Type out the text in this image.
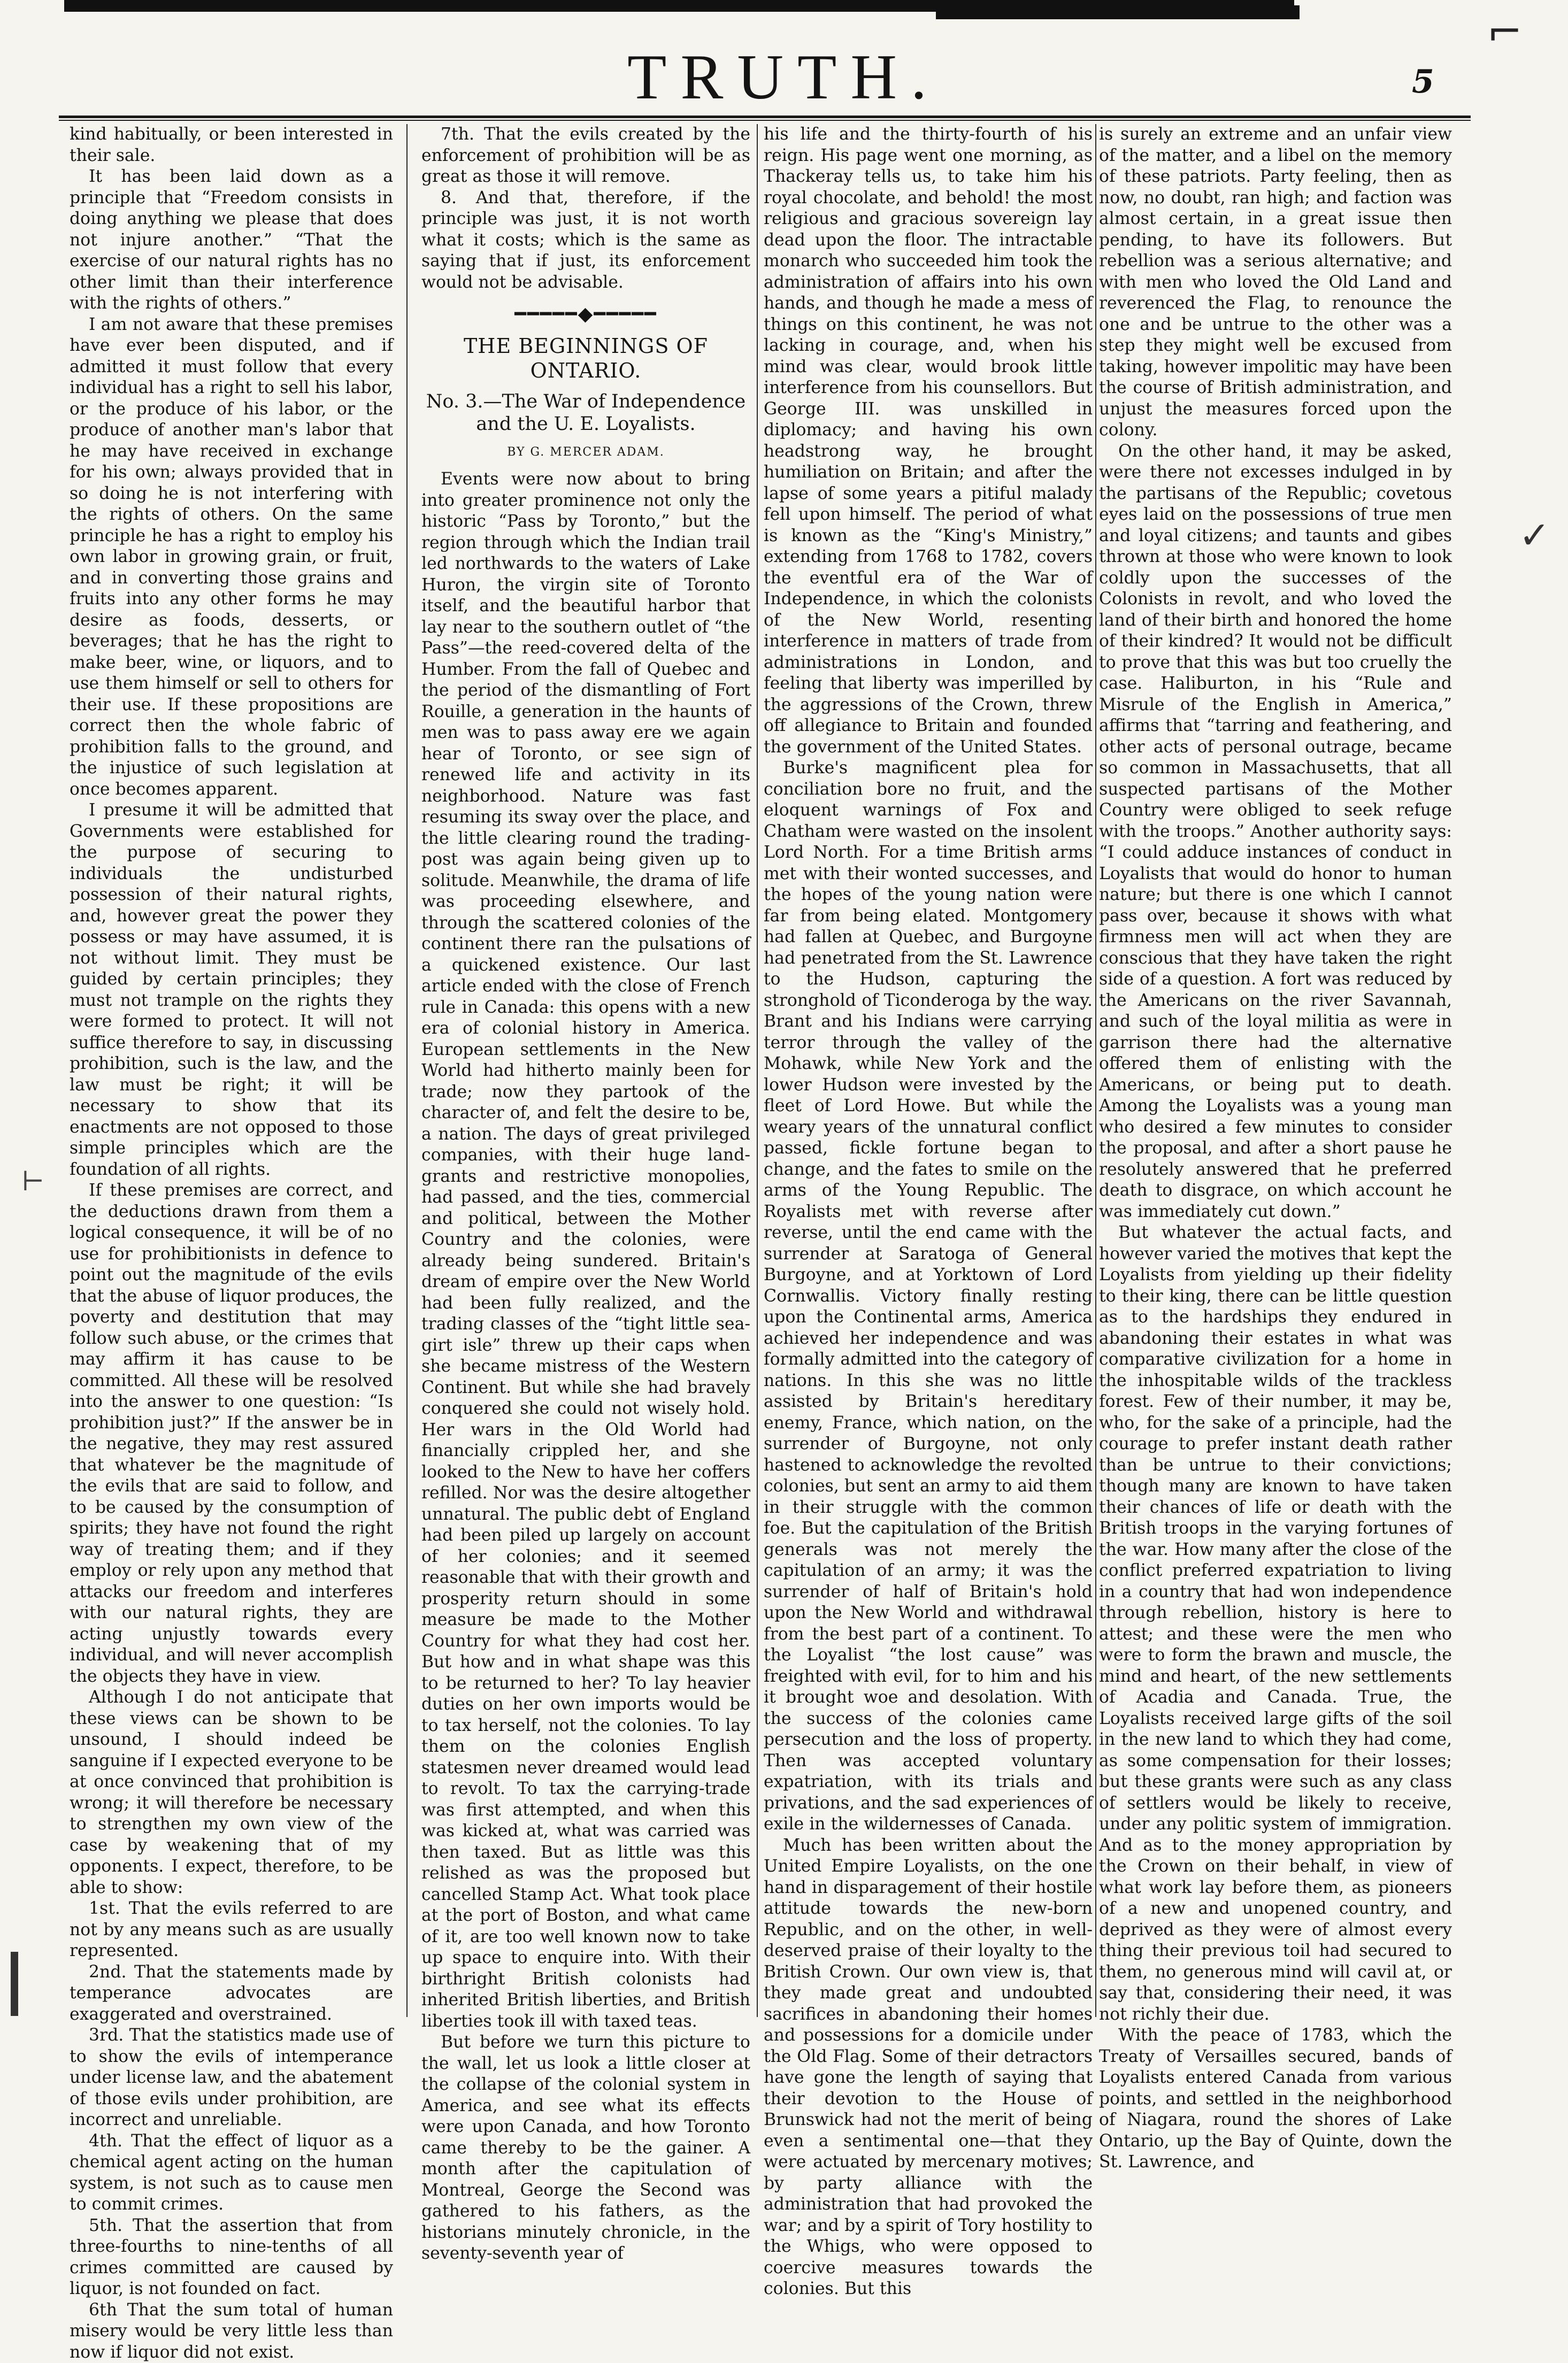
⌐
TRUTH.	5

kind habitually, or been interested in their sale.

It has been laid down as a principle that “Freedom consists in doing anything we please that does not injure another.” “That the exercise of our natural rights has no other limit than their interference with the rights of others.”

I am not aware that these premises have ever been disputed, and if admitted it must follow that every individual has a right to sell his labor, or the produce of his labor, or the produce of another man's labor that he may have received in exchange for his own; always provided that in so doing he is not interfering with the rights of others. On the same principle he has a right to employ his own labor in growing grain, or fruit, and in converting those grains and fruits into any other forms he may desire as foods, desserts, or beverages; that he has the right to make beer, wine, or liquors, and to use them himself or sell to others for their use. If these propositions are correct then the whole fabric of prohibition falls to the ground, and the injustice of such legislation at once becomes apparent.

I presume it will be admitted that Governments were established for the purpose of securing to individuals the undisturbed possession of their natural rights, and, however great the power they possess or may have assumed, it is not without limit. They must be guided by certain principles; they must not trample on the rights they were formed to protect. It will not suffice therefore to say, in discussing prohibition, such is the law, and the law must be right; it will be necessary to show that its enactments are not opposed to those simple principles which are the foundation of all rights.

If these premises are correct, and the deductions drawn from them a logical consequence, it will be of no use for prohibitionists in defence to point out the magnitude of the evils that the abuse of liquor produces, the poverty and destitution that may follow such abuse, or the crimes that may affirm it has cause to be committed. All these will be resolved into the answer to one question: “Is prohibition just?” If the answer be in the negative, they may rest assured that whatever be the magnitude of the evils that are said to follow, and to be caused by the consumption of spirits; they have not found the right way of treating them; and if they employ or rely upon any method that attacks our freedom and interferes with our natural rights, they are acting unjustly towards every individual, and will never accomplish the objects they have in view.

Although I do not anticipate that these views can be shown to be unsound, I should indeed be sanguine if I expected everyone to be at once convinced that prohibition is wrong; it will therefore be necessary to strengthen my own view of the case by weakening that of my opponents. I expect, therefore, to be able to show:

1st. That the evils referred to are not by any means such as are usually represented.

2nd. That the statements made by temperance advocates are exaggerated and overstrained.

3rd. That the statistics made use of to show the evils of intemperance under license law, and the abatement of those evils under prohibition, are incorrect and unreliable.

4th. That the effect of liquor as a chemical agent acting on the human system, is not such as to cause men to commit crimes.

5th. That the assertion that from three-fourths to nine-tenths of all crimes committed are caused by liquor, is not founded on fact.

6th That the sum total of human misery would be very little less than now if liquor did not exist.

7th. That the evils created by the enforcement of prohibition will be as great as those it will remove.

8. And that, therefore, if the principle was just, it is not worth what it costs; which is the same as saying that if just, its enforcement would not be advisable.

━━━━━◆━━━━━
THE BEGINNINGS OF ONTARIO.

No. 3.—The War of Independence and the U. E. Loyalists.

BY G. MERCER ADAM.

Events were now about to bring into greater prominence not only the historic “Pass by Toronto,” but the region through which the Indian trail led northwards to the waters of Lake Huron, the virgin site of Toronto itself, and the beautiful harbor that lay near to the southern outlet of “the Pass”—the reed-covered delta of the Humber. From the fall of Quebec and the period of the dismantling of Fort Rouille, a generation in the haunts of men was to pass away ere we again hear of Toronto, or see sign of renewed life and activity in its neighborhood. Nature was fast resuming its sway over the place, and the little clearing round the trading-post was again being given up to solitude. Meanwhile, the drama of life was proceeding elsewhere, and through the scattered colonies of the continent there ran the pulsations of a quickened existence. Our last article ended with the close of French rule in Canada: this opens with a new era of colonial history in America. European settlements in the New World had hitherto mainly been for trade; now they partook of the character of, and felt the desire to be, a nation. The days of great privileged companies, with their huge land-grants and restrictive monopolies, had passed, and the ties, commercial and political, between the Mother Country and the colonies, were already being sundered. Britain's dream of empire over the New World had been fully realized, and the trading classes of the “tight little sea-girt isle” threw up their caps when she became mistress of the Western Continent. But while she had bravely conquered she could not wisely hold. Her wars in the Old World had financially crippled her, and she looked to the New to have her coffers refilled. Nor was the desire altogether unnatural. The public debt of England had been piled up largely on account of her colonies; and it seemed reasonable that with their growth and prosperity return should in some measure be made to the Mother Country for what they had cost her. But how and in what shape was this to be returned to her? To lay heavier duties on her own imports would be to tax herself, not the colonies. To lay them on the colonies English statesmen never dreamed would lead to revolt. To tax the carrying-trade was first attempted, and when this was kicked at, what was carried was then taxed. But as little was this relished as was the proposed but cancelled Stamp Act. What took place at the port of Boston, and what came of it, are too well known now to take up space to enquire into. With their birthright British colonists had inherited British liberties, and British liberties took ill with taxed teas.

But before we turn this picture to the wall, let us look a little closer at the collapse of the colonial system in America, and see what its effects were upon Canada, and how Toronto came thereby to be the gainer. A month after the capitulation of Montreal, George the Second was gathered to his fathers, as the historians minutely chronicle, in the seventy-seventh year of

his life and the thirty-fourth of his reign. His page went one morning, as Thackeray tells us, to take him his royal chocolate, and behold! the most religious and gracious sovereign lay dead upon the floor. The intractable monarch who succeeded him took the administration of affairs into his own hands, and though he made a mess of things on this continent, he was not lacking in courage, and, when his mind was clear, would brook little interference from his counsellors. But George III. was unskilled in diplomacy; and having his own headstrong way, he brought humiliation on Britain; and after the lapse of some years a pitiful malady fell upon himself. The period of what is known as the “King's Ministry,” extending from 1768 to 1782, covers the eventful era of the War of Independence, in which the colonists of the New World, resenting interference in matters of trade from administrations in London, and feeling that liberty was imperilled by the aggressions of the Crown, threw off allegiance to Britain and founded the government of the United States.

Burke's magnificent plea for conciliation bore no fruit, and the eloquent warnings of Fox and Chatham were wasted on the insolent Lord North. For a time British arms met with their wonted successes, and the hopes of the young nation were far from being elated. Montgomery had fallen at Quebec, and Burgoyne had penetrated from the St. Lawrence to the Hudson, capturing the stronghold of Ticonderoga by the way. Brant and his Indians were carrying terror through the valley of the Mohawk, while New York and the lower Hudson were invested by the fleet of Lord Howe. But while the weary years of the unnatural conflict passed, fickle fortune began to change, and the fates to smile on the arms of the Young Republic. The Royalists met with reverse after reverse, until the end came with the surrender at Saratoga of General Burgoyne, and at Yorktown of Lord Cornwallis. Victory finally resting upon the Continental arms, America achieved her independence and was formally admitted into the category of nations. In this she was no little assisted by Britain's hereditary enemy, France, which nation, on the surrender of Burgoyne, not only hastened to acknowledge the revolted colonies, but sent an army to aid them in their struggle with the common foe. But the capitulation of the British generals was not merely the capitulation of an army; it was the surrender of half of Britain's hold upon the New World and withdrawal from the best part of a continent. To the Loyalist “the lost cause” was freighted with evil, for to him and his it brought woe and desolation. With the success of the colonies came persecution and the loss of property. Then was accepted voluntary expatriation, with its trials and privations, and the sad experiences of exile in the wildernesses of Canada.

Much has been written about the United Empire Loyalists, on the one hand in disparagement of their hostile attitude towards the new-born Republic, and on the other, in well-deserved praise of their loyalty to the British Crown. Our own view is, that they made great and undoubted sacrifices in abandoning their homes and possessions for a domicile under the Old Flag. Some of their detractors have gone the length of saying that their devotion to the House of Brunswick had not the merit of being even a sentimental one—that they were actuated by mercenary motives; by party alliance with the administration that had provoked the war; and by a spirit of Tory hostility to the Whigs, who were opposed to coercive measures towards the colonies. But this

is surely an extreme and an unfair view of the matter, and a libel on the memory of these patriots. Party feeling, then as now, no doubt, ran high; and faction was almost certain, in a great issue then pending, to have its followers. But rebellion was a serious alternative; and with men who loved the Old Land and reverenced the Flag, to renounce the one and be untrue to the other was a step they might well be excused from taking, however impolitic may have been the course of British administration, and unjust the measures forced upon the colony.

On the other hand, it may be asked, were there not excesses indulged in by the partisans of the Republic; covetous eyes laid on the possessions of true men and loyal citizens; and taunts and gibes thrown at those who were known to look coldly upon the successes of the Colonists in revolt, and who loved the land of their birth and honored the home of their kindred? It would not be difficult to prove that this was but too cruelly the case. Haliburton, in his “Rule and Misrule of the English in America,” affirms that “tarring and feathering, and other acts of personal outrage, became so common in Massachusetts, that all suspected partisans of the Mother Country were obliged to seek refuge with the troops.” Another authority says: “I could adduce instances of conduct in Loyalists that would do honor to human nature; but there is one which I cannot pass over, because it shows with what firmness men will act when they are conscious that they have taken the right side of a question. A fort was reduced by the Americans on the river Savannah, and such of the loyal militia as were in garrison there had the alternative offered them of enlisting with the Americans, or being put to death. Among the Loyalists was a young man who desired a few minutes to consider the proposal, and after a short pause he resolutely answered that he preferred death to disgrace, on which account he was immediately cut down.”

But whatever the actual facts, and however varied the motives that kept the Loyalists from yielding up their fidelity to their king, there can be little question as to the hardships they endured in abandoning their estates in what was comparative civilization for a home in the inhospitable wilds of the trackless forest. Few of their number, it may be, who, for the sake of a principle, had the courage to prefer instant death rather than be untrue to their convictions; though many are known to have taken their chances of life or death with the British troops in the varying fortunes of the war. How many after the close of the conflict preferred expatriation to living in a country that had won independence through rebellion, history is here to attest; and these were the men who were to form the brawn and muscle, the mind and heart, of the new settlements of Acadia and Canada. True, the Loyalists received large gifts of the soil in the new land to which they had come, as some compensation for their losses; but these grants were such as any class of settlers would be likely to receive, under any politic system of immigration. And as to the money appropriation by the Crown on their behalf, in view of what work lay before them, as pioneers of a new and unopened country, and deprived as they were of almost every thing their previous toil had secured to them, no generous mind will cavil at, or say that, considering their need, it was not richly their due.

With the peace of 1783, which the Treaty of Versailles secured, bands of Loyalists entered Canada from various points, and settled in the neighborhood of Niagara, round the shores of Lake Ontario, up the Bay of Quinte, down the St. Lawrence, and

✓
⊢
